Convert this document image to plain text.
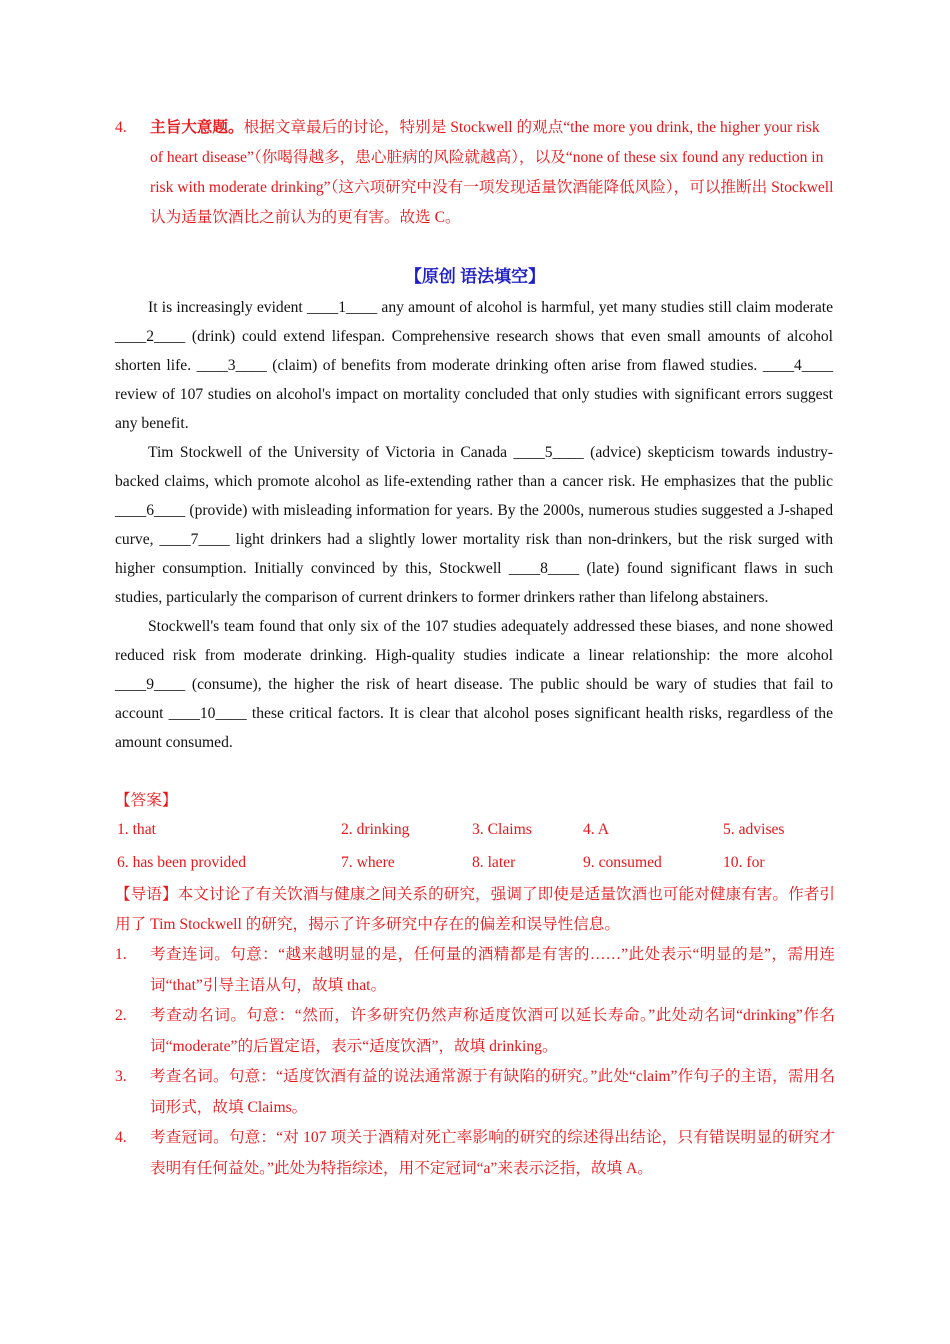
4. 主旨大意题。根据文章最后的讨论，特别是 Stockwell 的观点“the more you drink, the higher your risk of heart disease”（你喝得越多，患心脏病的风险就越高），以及“none of these six found any reduction in risk with moderate drinking”（这六项研究中没有一项发现适量饮酒能降低风险），可以推断出 Stockwell 认为适量饮酒比之前认为的更有害。故选 C。
【原创 语法填空】

It is increasingly evident ____1____ any amount of alcohol is harmful, yet many studies still claim moderate ____2____ (drink) could extend lifespan. Comprehensive research shows that even small amounts of alcohol shorten life. ____3____ (claim) of benefits from moderate drinking often arise from flawed studies. ____4____ review of 107 studies on alcohol's impact on mortality concluded that only studies with significant errors suggest any benefit.

Tim Stockwell of the University of Victoria in Canada ____5____ (advice) skepticism towards industry-backed claims, which promote alcohol as life-extending rather than a cancer risk. He emphasizes that the public ____6____ (provide) with misleading information for years. By the 2000s, numerous studies suggested a J-shaped curve, ____7____ light drinkers had a slightly lower mortality risk than non-drinkers, but the risk surged with higher consumption. Initially convinced by this, Stockwell ____8____ (late) found significant flaws in such studies, particularly the comparison of current drinkers to former drinkers rather than lifelong abstainers.

Stockwell's team found that only six of the 107 studies adequately addressed these biases, and none showed reduced risk from moderate drinking. High-quality studies indicate a linear relationship: the more alcohol ____9____ (consume), the higher the risk of heart disease. The public should be wary of studies that fail to account ____10____ these critical factors. It is clear that alcohol poses significant health risks, regardless of the amount consumed.

【答案】
1. that	2. drinking	3. Claims	4. A	5. advises
6. has been provided	7. where	8. later	9. consumed	10. for
【导语】本文讨论了有关饮酒与健康之间关系的研究，强调了即使是适量饮酒也可能对健康有害。作者引用了 Tim Stockwell 的研究，揭示了许多研究中存在的偏差和误导性信息。
1. 考查连词。句意：“越来越明显的是，任何量的酒精都是有害的……”此处表示“明显的是”，需用连词“that”引导主语从句，故填 that。
2. 考查动名词。句意：“然而，许多研究仍然声称适度饮酒可以延长寿命。”此处动名词“drinking”作名词“moderate”的后置定语，表示“适度饮酒”，故填 drinking。
3. 考查名词。句意：“适度饮酒有益的说法通常源于有缺陷的研究。”此处“claim”作句子的主语，需用名词形式，故填 Claims。
4. 考查冠词。句意：“对 107 项关于酒精对死亡率影响的研究的综述得出结论，只有错误明显的研究才表明有任何益处。”此处为特指综述，用不定冠词“a”来表示泛指，故填 A。
